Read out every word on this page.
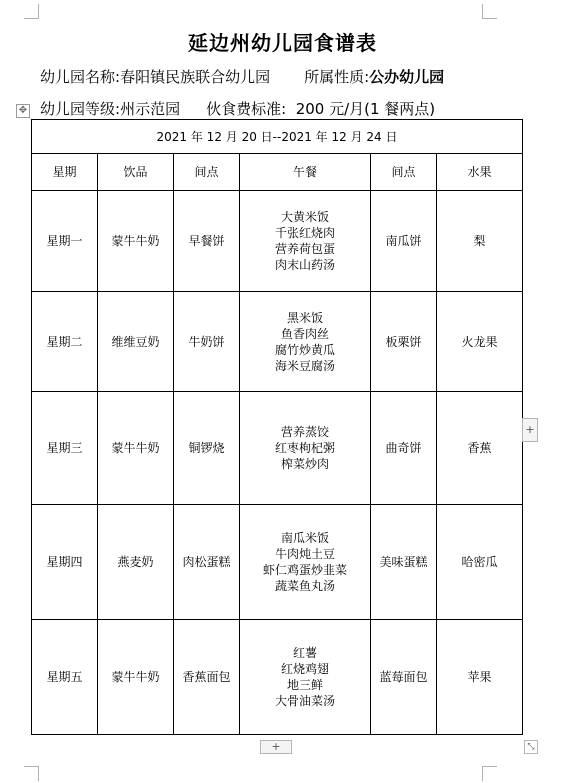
延边州幼儿园食谱表
幼儿园名称:春阳镇民族联合幼儿园 所属性质:公办幼儿园
✥ 幼儿园等级:州示范园 伙食费标准: 200 元/月(1 餐两点)
2021 年 12 月 20 日--2021 年 12 月 24 日					
星期	饮品	间点	午餐	间点	水果
星期一	蒙牛牛奶	早餐饼	大黄米饭
千张红烧肉
营养荷包蛋
肉末山药汤	南瓜饼	梨
星期二	维维豆奶	牛奶饼	黑米饭
鱼香肉丝
腐竹炒黄瓜
海米豆腐汤	板栗饼	火龙果
星期三	蒙牛牛奶	铜锣烧	营养蒸饺
红枣枸杞粥
榨菜炒肉	曲奇饼	香蕉
星期四	燕麦奶	肉松蛋糕	南瓜米饭
牛肉炖土豆
虾仁鸡蛋炒韭菜
蔬菜鱼丸汤	美味蛋糕	哈密瓜
星期五	蒙牛牛奶	香蕉面包	红薯
红烧鸡翅
地三鲜
大骨油菜汤	蓝莓面包	苹果
+
+	⤡
